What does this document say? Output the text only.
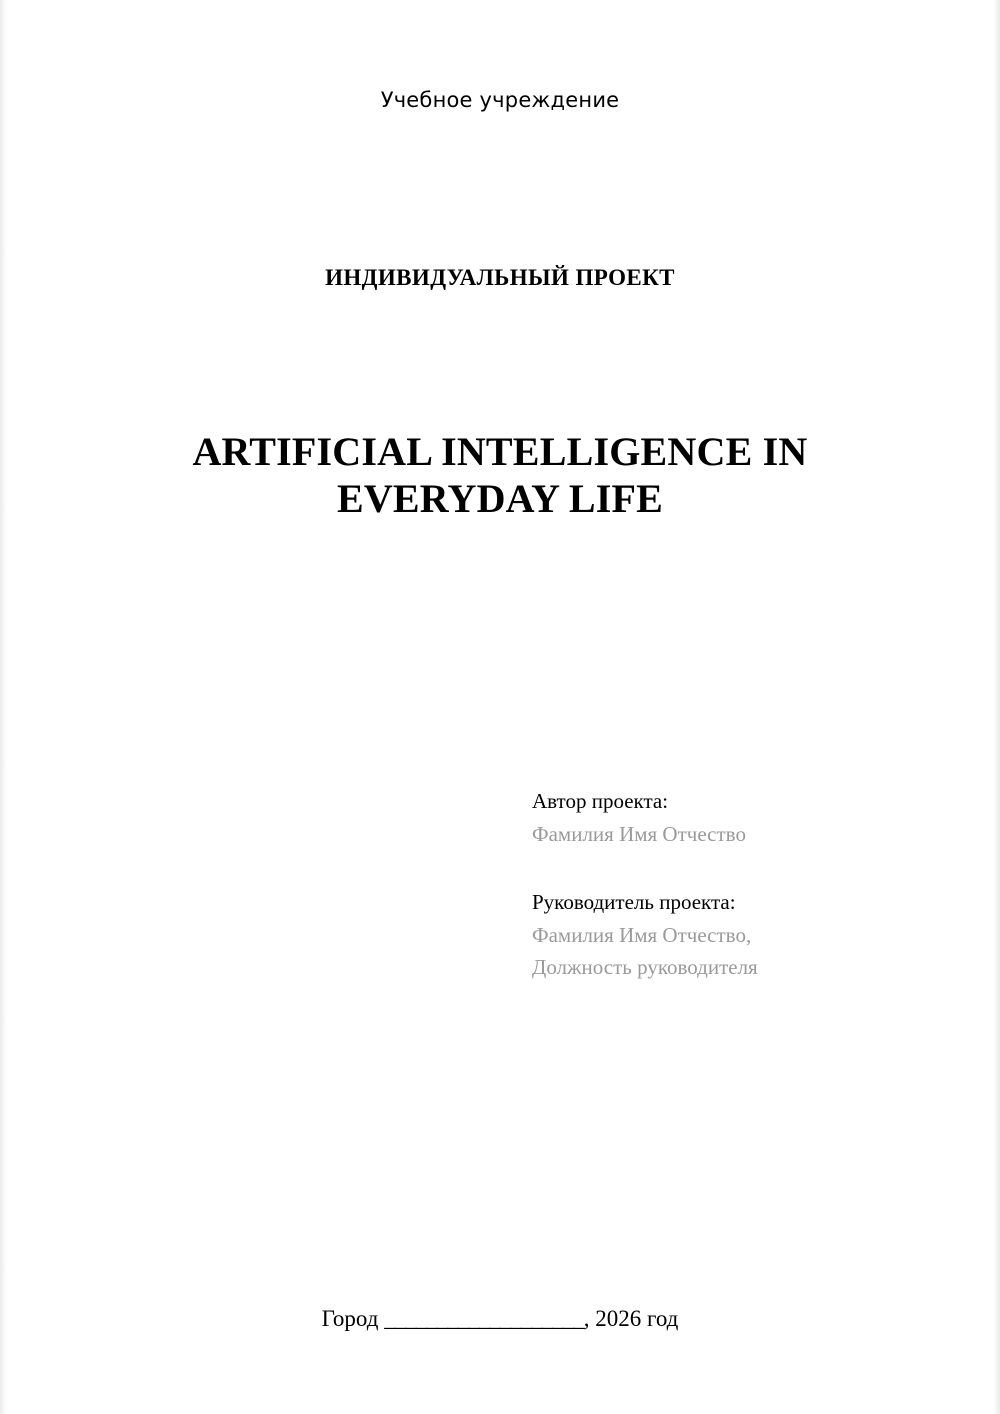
Учебное учреждение
ИНДИВИДУАЛЬНЫЙ ПРОЕКТ
ARTIFICIAL INTELLIGENCE IN EVERYDAY LIFE

Автор проекта:

Фамилия Имя Отчество

Руководитель проекта:

Фамилия Имя Отчество,

Должность руководителя

Город ___________________, 2026 год
